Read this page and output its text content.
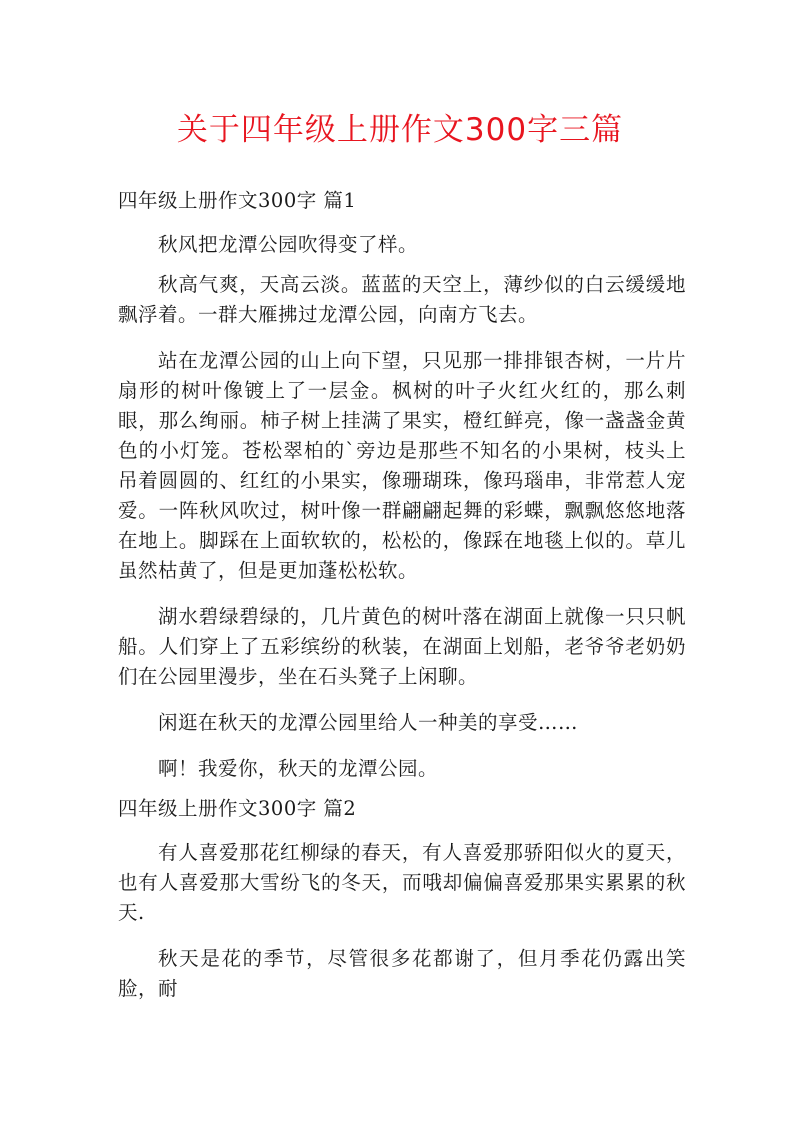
关于四年级上册作文300字三篇
四年级上册作文300字 篇1

秋风把龙潭公园吹得变了样。

秋高气爽，天高云淡。蓝蓝的天空上，薄纱似的白云缓缓地飘浮着。一群大雁拂过龙潭公园，向南方飞去。

站在龙潭公园的山上向下望，只见那一排排银杏树，一片片扇形的树叶像镀上了一层金。枫树的叶子火红火红的，那么刺眼，那么绚丽。柿子树上挂满了果实，橙红鲜亮，像一盏盏金黄色的小灯笼。苍松翠柏的`旁边是那些不知名的小果树，枝头上吊着圆圆的、红红的小果实，像珊瑚珠，像玛瑙串，非常惹人宠爱。一阵秋风吹过，树叶像一群翩翩起舞的彩蝶，飘飘悠悠地落在地上。脚踩在上面软软的，松松的，像踩在地毯上似的。草儿虽然枯黄了，但是更加蓬松松软。

湖水碧绿碧绿的，几片黄色的树叶落在湖面上就像一只只帆船。人们穿上了五彩缤纷的秋装，在湖面上划船，老爷爷老奶奶们在公园里漫步，坐在石头凳子上闲聊。

闲逛在秋天的龙潭公园里给人一种美的享受……

啊！我爱你，秋天的龙潭公园。

四年级上册作文300字 篇2

有人喜爱那花红柳绿的春天，有人喜爱那骄阳似火的夏天，也有人喜爱那大雪纷飞的冬天，而哦却偏偏喜爱那果实累累的秋天.

秋天是花的季节，尽管很多花都谢了，但月季花仍露出笑脸，耐
